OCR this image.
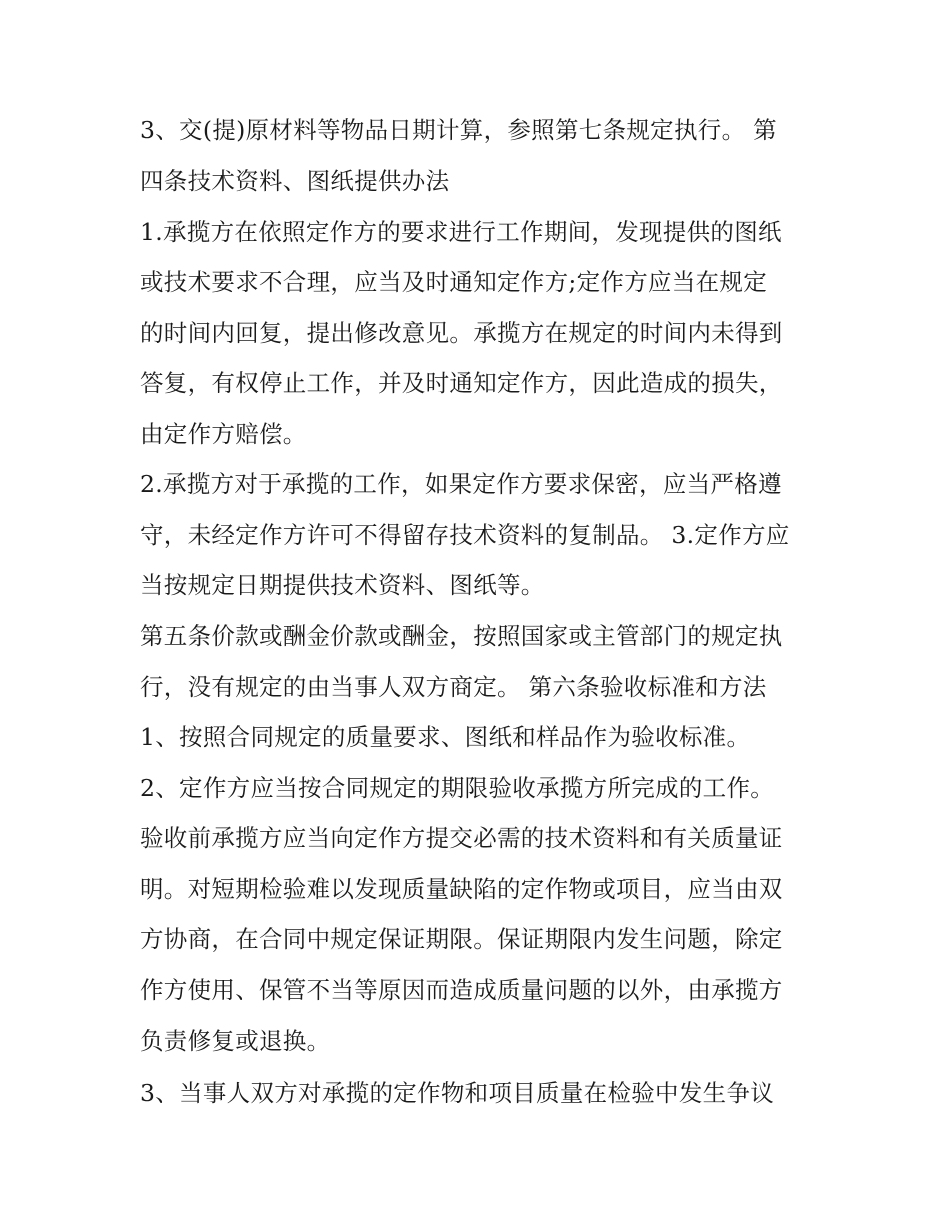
3、交(提)原材料等物品日期计算，参照第七条规定执行。 第
四条技术资料、图纸提供办法
1.承揽方在依照定作方的要求进行工作期间，发现提供的图纸
或技术要求不合理，应当及时通知定作方;定作方应当在规定
的时间内回复，提出修改意见。承揽方在规定的时间内未得到
答复，有权停止工作，并及时通知定作方，因此造成的损失，
由定作方赔偿。
2.承揽方对于承揽的工作，如果定作方要求保密，应当严格遵
守，未经定作方许可不得留存技术资料的复制品。 3.定作方应
当按规定日期提供技术资料、图纸等。
第五条价款或酬金价款或酬金，按照国家或主管部门的规定执
行，没有规定的由当事人双方商定。 第六条验收标准和方法
1、按照合同规定的质量要求、图纸和样品作为验收标准。
2、定作方应当按合同规定的期限验收承揽方所完成的工作。
验收前承揽方应当向定作方提交必需的技术资料和有关质量证
明。对短期检验难以发现质量缺陷的定作物或项目，应当由双
方协商，在合同中规定保证期限。保证期限内发生问题，除定
作方使用、保管不当等原因而造成质量问题的以外，由承揽方
负责修复或退换。
3、当事人双方对承揽的定作物和项目质量在检验中发生争议
